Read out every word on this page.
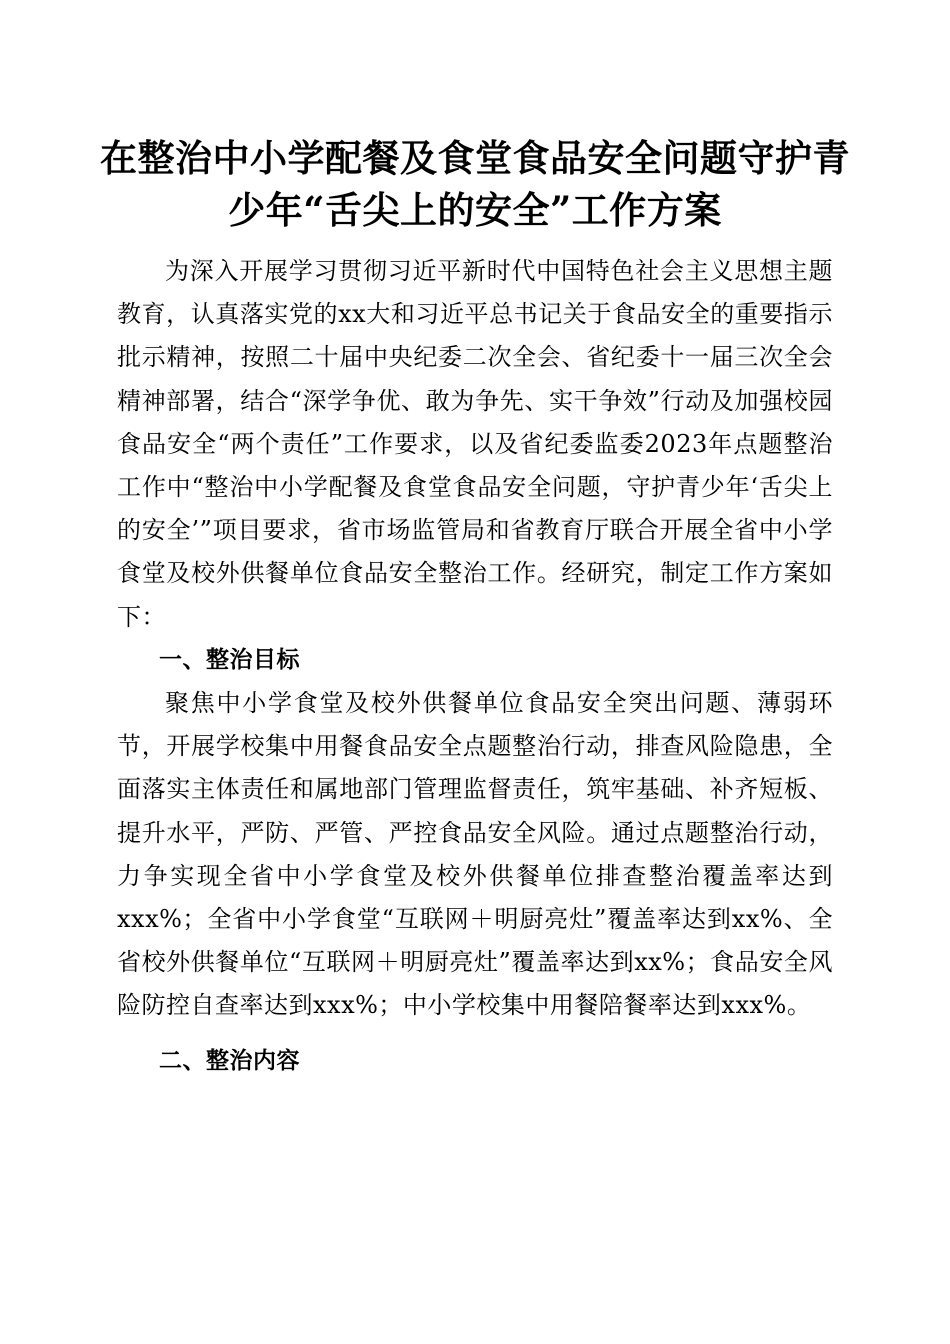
在整治中小学配餐及食堂食品安全问题守护青少年“舌尖上的安全”工作方案

为深入开展学习贯彻习近平新时代中国特色社会主义思想主题教育，认真落实党的xx大和习近平总书记关于食品安全的重要指示批示精神，按照二十届中央纪委二次全会、省纪委十一届三次全会精神部署，结合“深学争优、敢为争先、实干争效”行动及加强校园食品安全“两个责任”工作要求，以及省纪委监委2023年点题整治工作中“整治中小学配餐及食堂食品安全问题，守护青少年‘舌尖上的安全’”项目要求，省市场监管局和省教育厅联合开展全省中小学食堂及校外供餐单位食品安全整治工作。经研究，制定工作方案如下：

一、整治目标

聚焦中小学食堂及校外供餐单位食品安全突出问题、薄弱环节，开展学校集中用餐食品安全点题整治行动，排查风险隐患，全面落实主体责任和属地部门管理监督责任，筑牢基础、补齐短板、提升水平，严防、严管、严控食品安全风险。通过点题整治行动，力争实现全省中小学食堂及校外供餐单位排查整治覆盖率达到xxx%；全省中小学食堂“互联网＋明厨亮灶”覆盖率达到xx%、全省校外供餐单位“互联网＋明厨亮灶”覆盖率达到xx%；食品安全风险防控自查率达到xxx%；中小学校集中用餐陪餐率达到xxx%。

二、整治内容
